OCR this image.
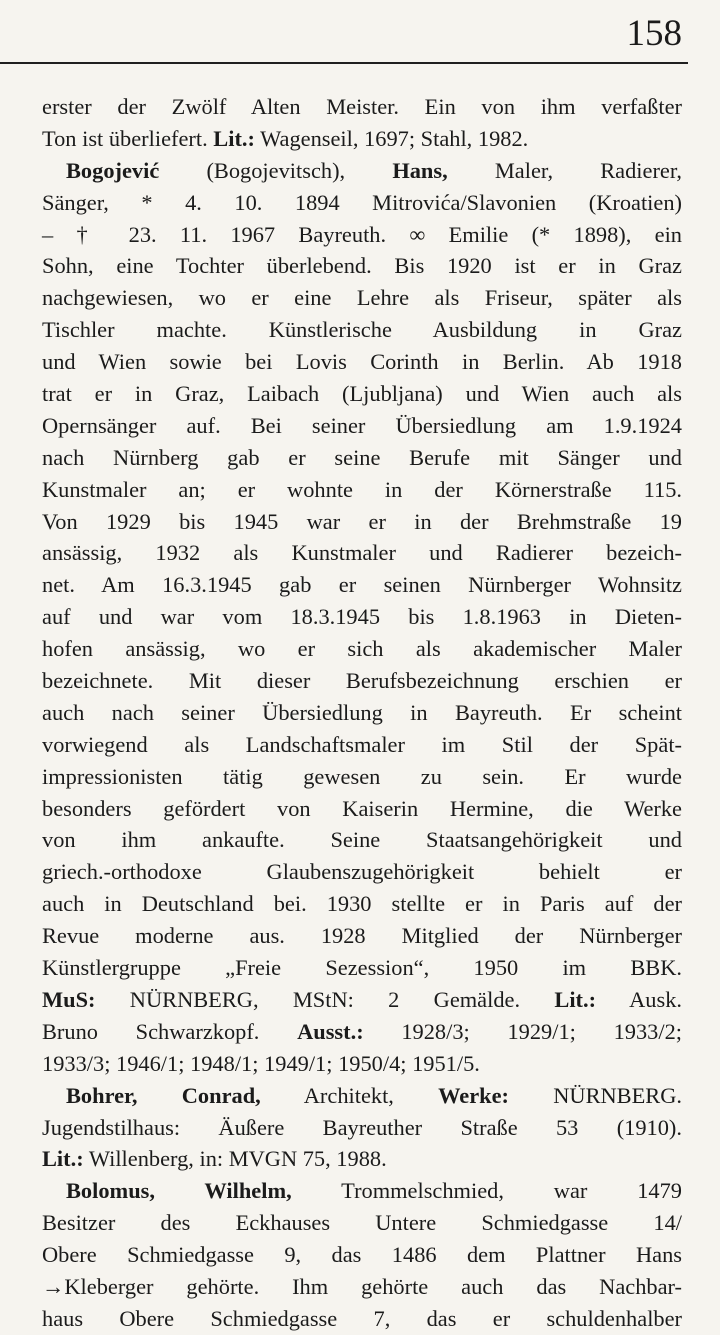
158
erster der Zwölf Alten Meister. Ein von ihm verfaßter
Ton ist überliefert. Lit.: Wagenseil, 1697; Stahl, 1982.
Bogojević (Bogojevitsch), Hans, Maler, Radierer,
Sänger, * 4. 10. 1894 Mitrovića/Slavonien (Kroatien)
– † 23. 11. 1967 Bayreuth. ∞ Emilie (* 1898), ein
Sohn, eine Tochter überlebend. Bis 1920 ist er in Graz
nachgewiesen, wo er eine Lehre als Friseur, später als
Tischler machte. Künstlerische Ausbildung in Graz
und Wien sowie bei Lovis Corinth in Berlin. Ab 1918
trat er in Graz, Laibach (Ljubljana) und Wien auch als
Opernsänger auf. Bei seiner Übersiedlung am 1.9.1924
nach Nürnberg gab er seine Berufe mit Sänger und
Kunstmaler an; er wohnte in der Körnerstraße 115.
Von 1929 bis 1945 war er in der Brehmstraße 19
ansässig, 1932 als Kunstmaler und Radierer bezeich-
net. Am 16.3.1945 gab er seinen Nürnberger Wohnsitz
auf und war vom 18.3.1945 bis 1.8.1963 in Dieten-
hofen ansässig, wo er sich als akademischer Maler
bezeichnete. Mit dieser Berufsbezeichnung erschien er
auch nach seiner Übersiedlung in Bayreuth. Er scheint
vorwiegend als Landschaftsmaler im Stil der Spät-
impressionisten tätig gewesen zu sein. Er wurde
besonders gefördert von Kaiserin Hermine, die Werke
von ihm ankaufte. Seine Staatsangehörigkeit und
griech.-orthodoxe Glaubenszugehörigkeit behielt er
auch in Deutschland bei. 1930 stellte er in Paris auf der
Revue moderne aus. 1928 Mitglied der Nürnberger
Künstlergruppe „Freie Sezession“, 1950 im BBK.
MuS: NÜRNBERG, MStN: 2 Gemälde. Lit.: Ausk.
Bruno Schwarzkopf. Ausst.: 1928/3; 1929/1; 1933/2;
1933/3; 1946/1; 1948/1; 1949/1; 1950/4; 1951/5.
Bohrer, Conrad, Architekt, Werke: NÜRNBERG.
Jugendstilhaus: Äußere Bayreuther Straße 53 (1910).
Lit.: Willenberg, in: MVGN 75, 1988.
Bolomus, Wilhelm, Trommelschmied, war 1479
Besitzer des Eckhauses Untere Schmiedgasse 14/
Obere Schmiedgasse 9, das 1486 dem Plattner Hans
→Kleberger gehörte. Ihm gehörte auch das Nachbar-
haus Obere Schmiedgasse 7, das er schuldenhalber
